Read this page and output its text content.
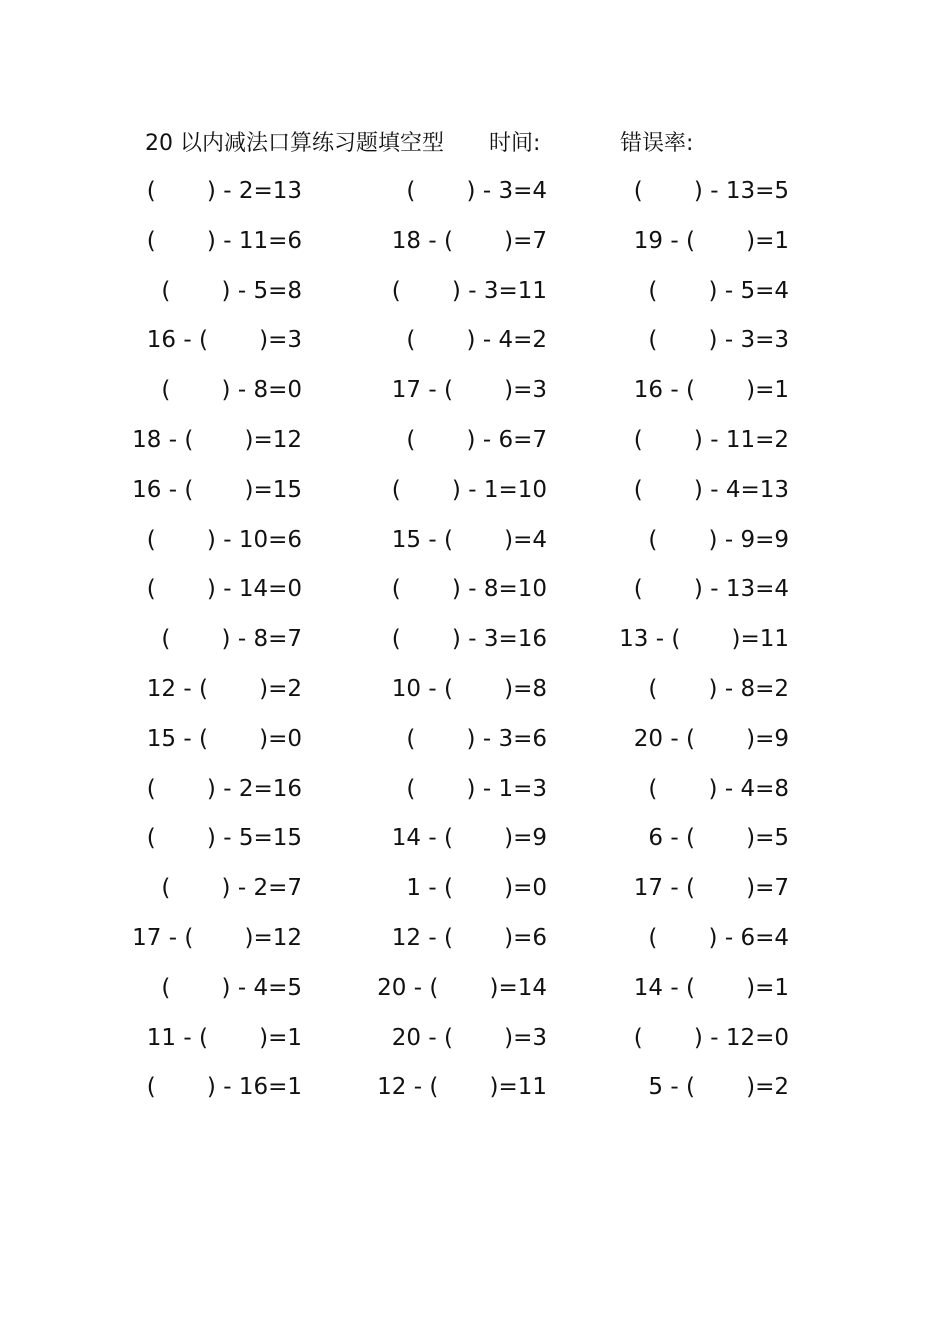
20 以内减法口算练习题填空型 时间:	错误率:
(       ) - 2=13	(       ) - 3=4	(       ) - 13=5
(       ) - 11=6	18 - (       )=7	19 - (       )=1
(       ) - 5=8	(       ) - 3=11	(       ) - 5=4
16 - (       )=3	(       ) - 4=2	(       ) - 3=3
(       ) - 8=0	17 - (       )=3	16 - (       )=1
18 - (       )=12	(       ) - 6=7	(       ) - 11=2
16 - (       )=15	(       ) - 1=10	(       ) - 4=13
(       ) - 10=6	15 - (       )=4	(       ) - 9=9
(       ) - 14=0	(       ) - 8=10	(       ) - 13=4
(       ) - 8=7	(       ) - 3=16	13 - (       )=11
12 - (       )=2	10 - (       )=8	(       ) - 8=2
15 - (       )=0	(       ) - 3=6	20 - (       )=9
(       ) - 2=16	(       ) - 1=3	(       ) - 4=8
(       ) - 5=15	14 - (       )=9	6 - (       )=5
(       ) - 2=7	1 - (       )=0	17 - (       )=7
17 - (       )=12	12 - (       )=6	(       ) - 6=4
(       ) - 4=5	20 - (       )=14	14 - (       )=1
11 - (       )=1	20 - (       )=3	(       ) - 12=0
(       ) - 16=1	12 - (       )=11	5 - (       )=2
